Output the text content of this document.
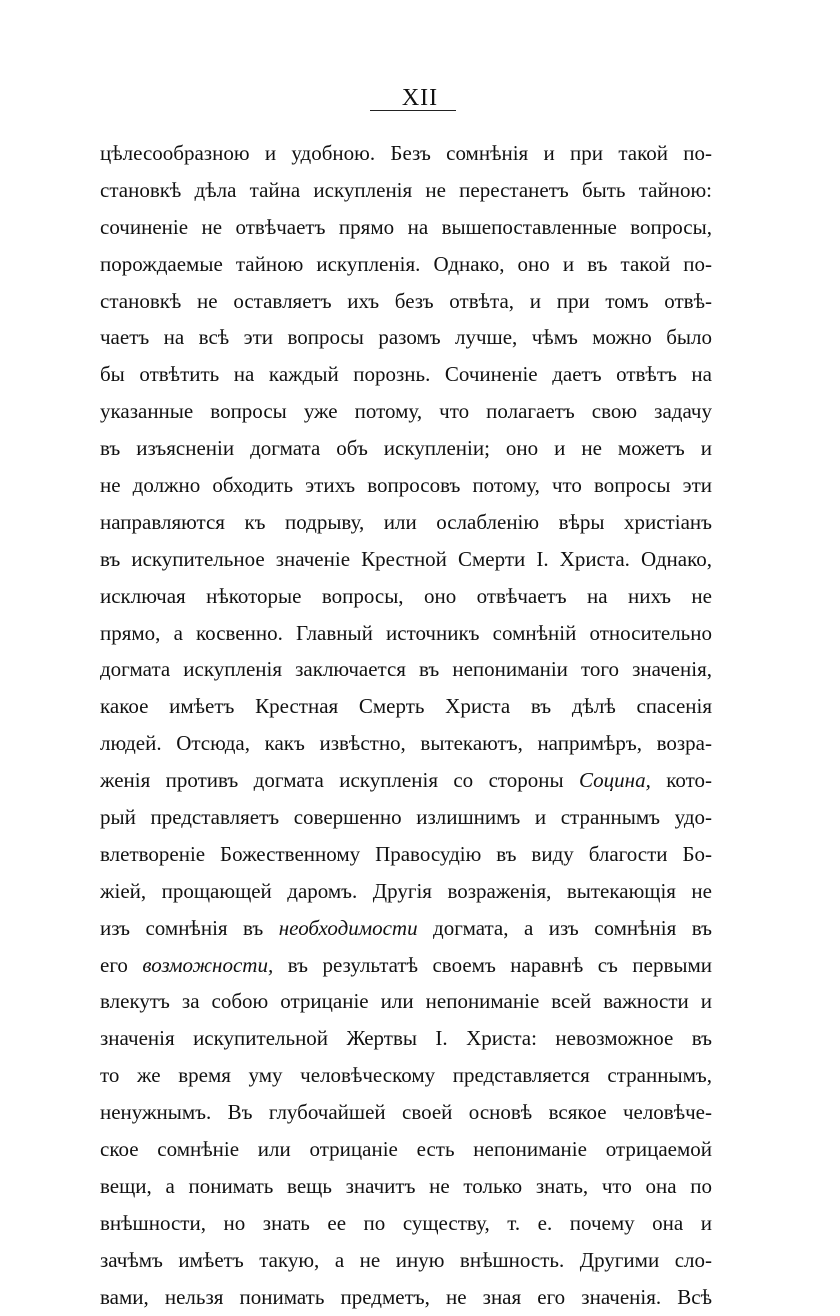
XII
цѣлесообразною и удобною. Безъ сомнѣнія и при такой по-
становкѣ дѣла тайна искупленія не перестанетъ быть тайною:
сочиненіе не отвѣчаетъ прямо на вышепоставленные вопросы,
порождаемые тайною искупленія. Однако, оно и въ такой по-
становкѣ не оставляетъ ихъ безъ отвѣта, и при томъ отвѣ-
чаетъ на всѣ эти вопросы разомъ лучше, чѣмъ можно было
бы отвѣтить на каждый порознь. Сочиненіе даетъ отвѣтъ на
указанные вопросы уже потому, что полагаетъ свою задачу
въ изъясненіи догмата объ искупленіи; оно и не можетъ и
не должно обходить этихъ вопросовъ потому, что вопросы эти
направляются къ подрыву, или ослабленію вѣры христіанъ
въ искупительное значеніе Крестной Смерти І. Христа. Однако,
исключая нѣкоторые вопросы, оно отвѣчаетъ на нихъ не
прямо, а косвенно. Главный источникъ сомнѣній относительно
догмата искупленія заключается въ непониманіи того значенія,
какое имѣетъ Крестная Смерть Христа въ дѣлѣ спасенія
людей. Отсюда, какъ извѣстно, вытекаютъ, напримѣръ, возра-
женія противъ догмата искупленія со стороны Социна, кото-
рый представляетъ совершенно излишнимъ и страннымъ удо-
влетвореніе Божественному Правосудію въ виду благости Бо-
жіей, прощающей даромъ. Другія возраженія, вытекающія не
изъ сомнѣнія въ необходимости догмата, а изъ сомнѣнія въ
его возможности, въ результатѣ своемъ наравнѣ съ первыми
влекутъ за собою отрицаніе или непониманіе всей важности и
значенія искупительной Жертвы І. Христа: невозможное въ
то же время уму человѣческому представляется страннымъ,
ненужнымъ. Въ глубочайшей своей основѣ всякое человѣче-
ское сомнѣніе или отрицаніе есть непониманіе отрицаемой
вещи, а понимать вещь значитъ не только знать, что она по
внѣшности, но знать ее по существу, т. е. почему она и
зачѣмъ имѣетъ такую, а не иную внѣшность. Другими сло-
вами, нельзя понимать предметъ, не зная его значенія. Всѣ
